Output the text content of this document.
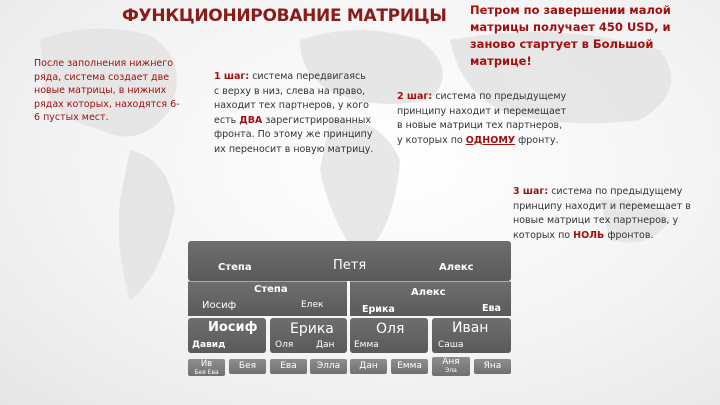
ФУНКЦИОНИРОВАНИЕ МАТРИЦЫ Петром по завершении малой матрицы получает 450 USD, и заново стартует в Большой матрице!
После заполнения нижнего ряда, система создает две новые матрицы, в нижних рядах которых, находятся 6-6 пустых мест.
1 шаг: система передвигаясь с верху в низ, слева на право, находит тех партнеров, у кого есть ДВА зарегистрированных фронта. По этому же принципу их переносит в новую матрицу.
2 шаг: система по предыдущему принципу находит и перемещает в новые матрици тех партнеров, у которых по ОДНОМУ фронту.
3 шаг: система по предыдущему принципу находит и перемещает в новые матрици тех партнеров, у которых по НОЛЬ фронтов.
Петя
Степа	Алекс
Степа
Иосиф	Елек
Алекс
Ерика	Ева
Иосиф
Давид
Ерика
Оля	Дан
Оля
Емма
Иван
Саша
Ив
Бея Ева
Бея	Ева	Элла	Дан	Емма	Аня
Эла	Яна
